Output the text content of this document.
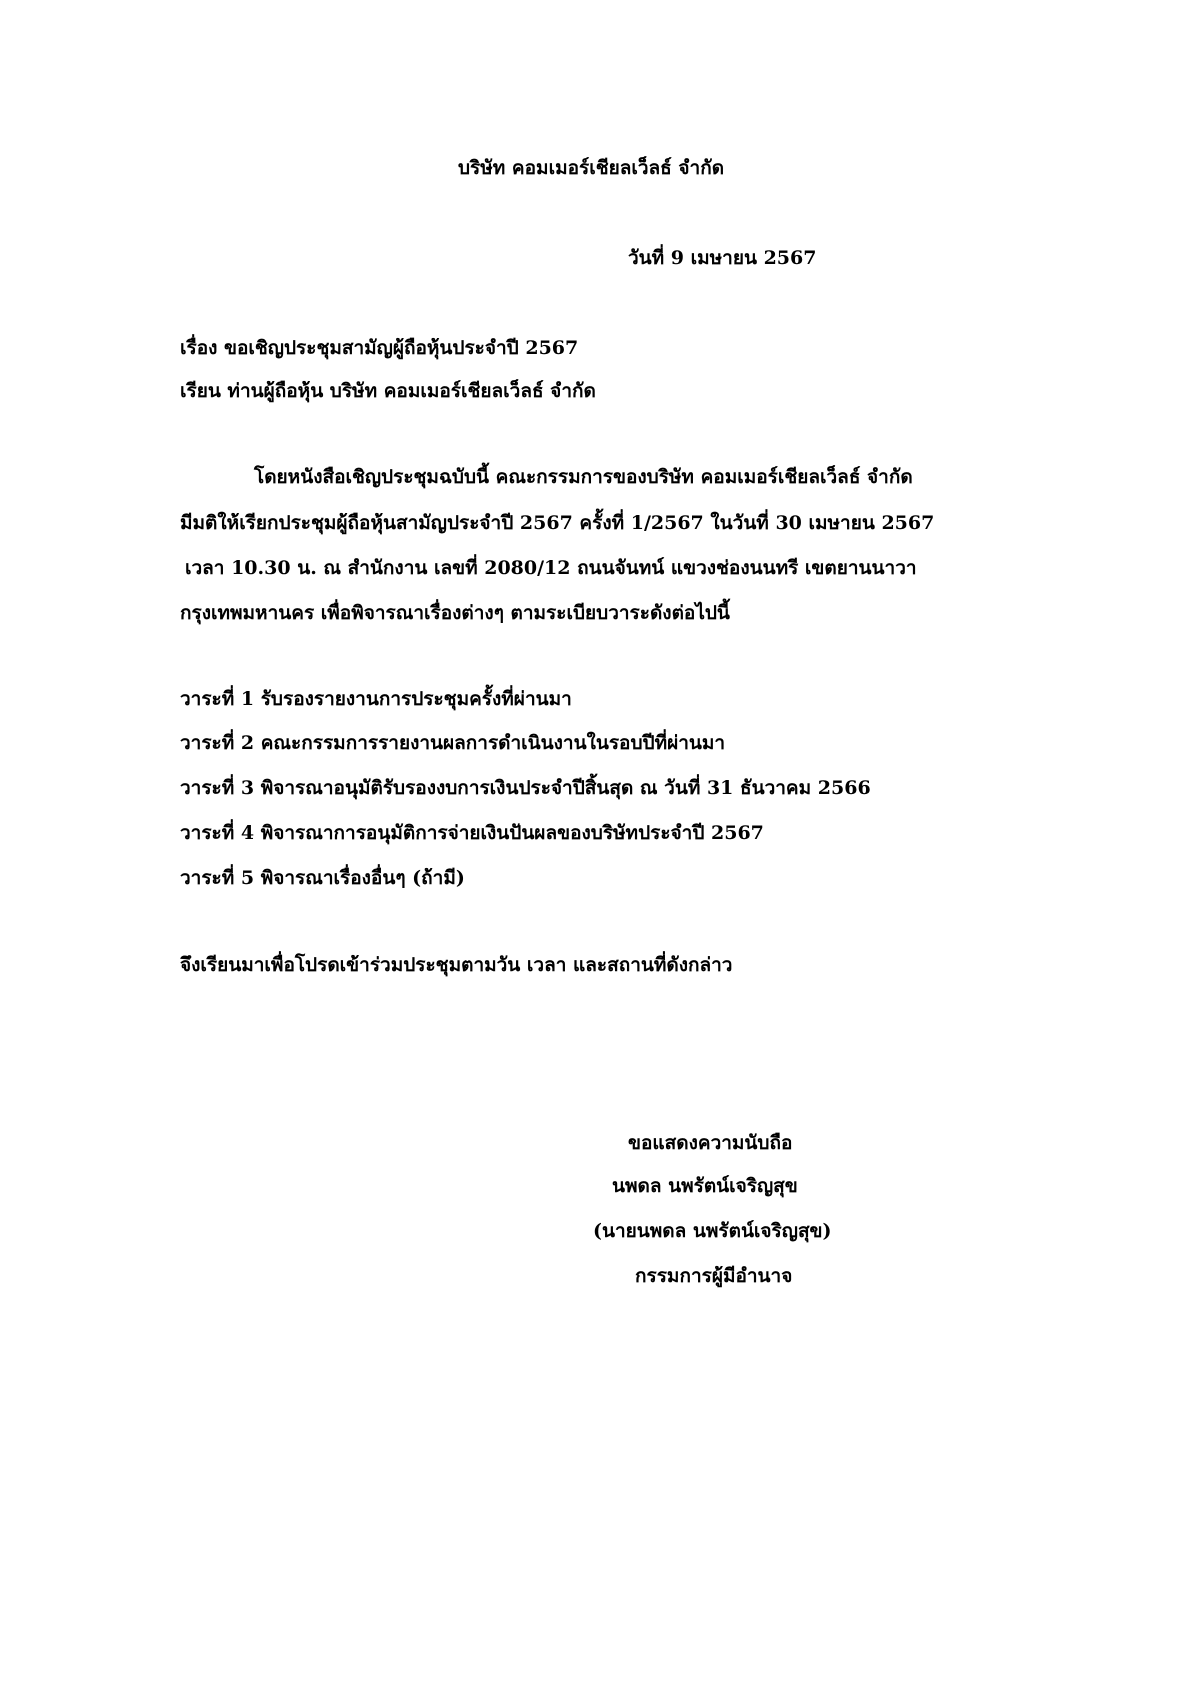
บริษัท คอมเมอร์เชียลเว็ลธ์ จำกัด
วันที่ 9 เมษายน 2567
เรื่อง ขอเชิญประชุมสามัญผู้ถือหุ้นประจำปี 2567
เรียน ท่านผู้ถือหุ้น บริษัท คอมเมอร์เชียลเว็ลธ์ จำกัด
โดยหนังสือเชิญประชุมฉบับนี้ คณะกรรมการของบริษัท คอมเมอร์เชียลเว็ลธ์ จำกัด
มีมติให้เรียกประชุมผู้ถือหุ้นสามัญประจำปี 2567 ครั้งที่ 1/2567 ในวันที่ 30 เมษายน 2567
เวลา 10.30 น. ณ สำนักงาน เลขที่ 2080/12 ถนนจันทน์ แขวงช่องนนทรี เขตยานนาวา
กรุงเทพมหานคร เพื่อพิจารณาเรื่องต่างๆ ตามระเบียบวาระดังต่อไปนี้
วาระที่ 1 รับรองรายงานการประชุมครั้งที่ผ่านมา
วาระที่ 2 คณะกรรมการรายงานผลการดำเนินงานในรอบปีที่ผ่านมา
วาระที่ 3 พิจารณาอนุมัติรับรองงบการเงินประจำปีสิ้นสุด ณ วันที่ 31 ธันวาคม 2566
วาระที่ 4 พิจารณาการอนุมัติการจ่ายเงินปันผลของบริษัทประจำปี 2567
วาระที่ 5 พิจารณาเรื่องอื่นๆ (ถ้ามี)
จึงเรียนมาเพื่อโปรดเข้าร่วมประชุมตามวัน เวลา และสถานที่ดังกล่าว
ขอแสดงความนับถือ
นพดล นพรัตน์เจริญสุข
(นายนพดล นพรัตน์เจริญสุข)
กรรมการผู้มีอำนาจ
